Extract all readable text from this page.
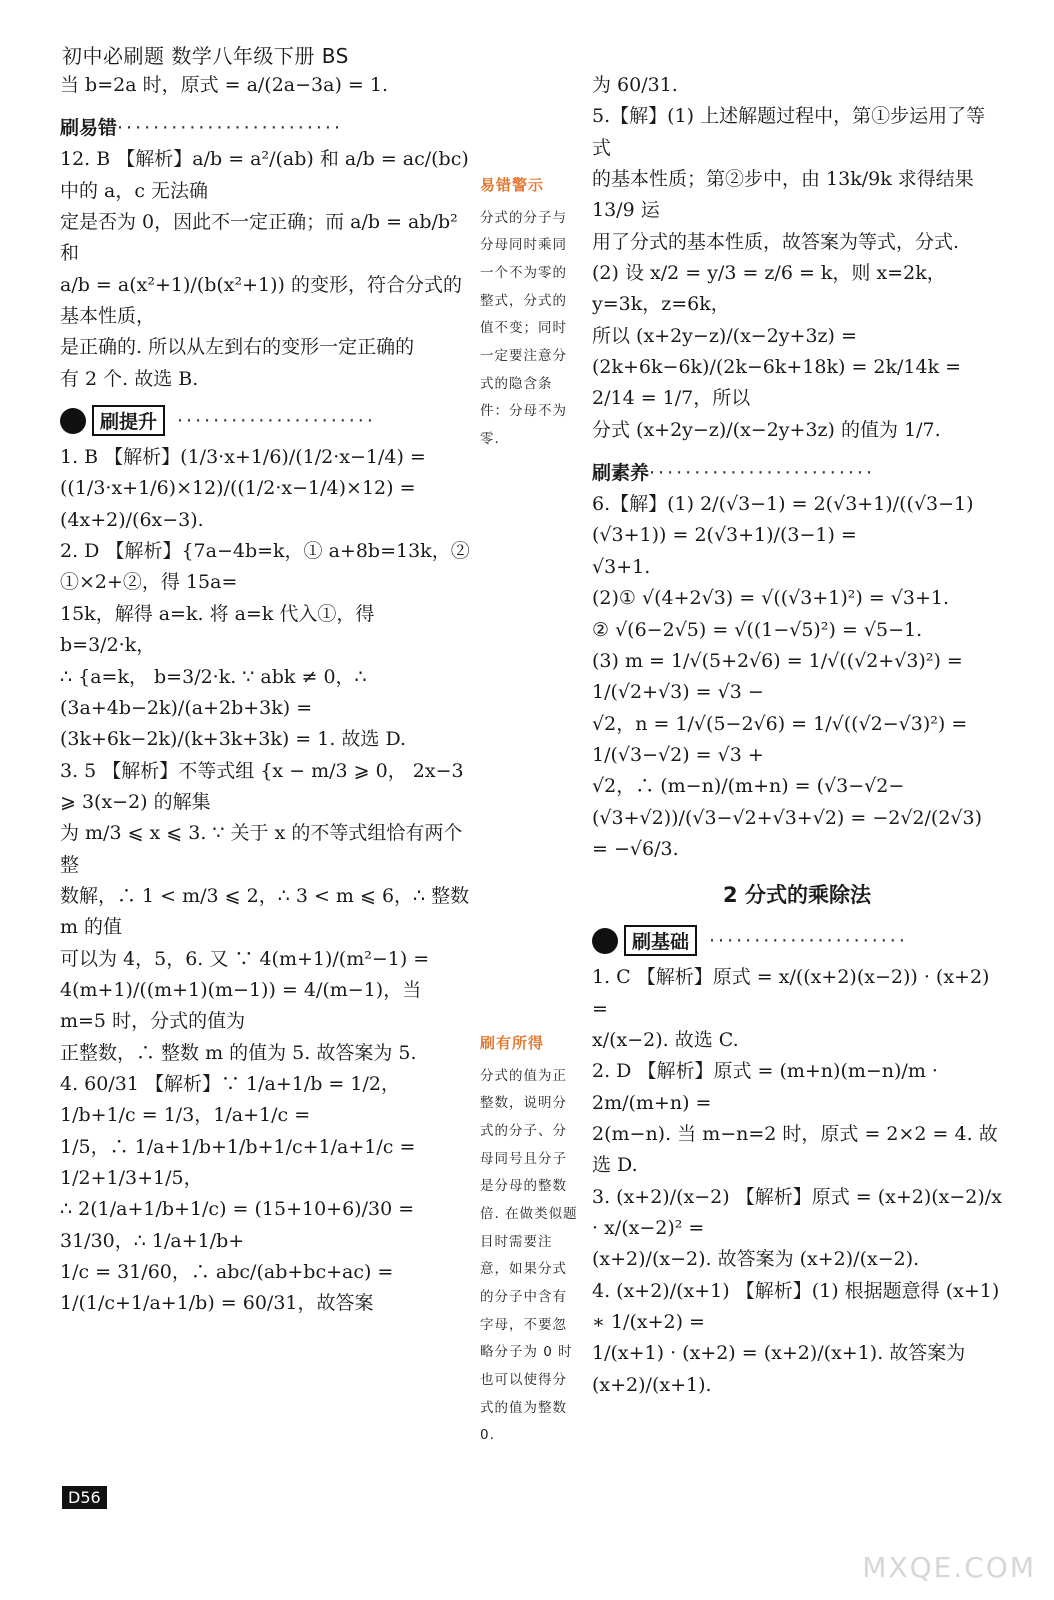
初中必刷题 数学八年级下册 BS

当 b=2a 时，原式 = a/(2a−3a) = 1.

刷易错·························

12. B 【解析】a/b = a²/(ab) 和 a/b = ac/(bc) 中的 a，c 无法确

定是否为 0，因此不一定正确；而 a/b = ab/b² 和

a/b = a(x²+1)/(b(x²+1)) 的变形，符合分式的基本性质，

是正确的. 所以从左到右的变形一定正确的

有 2 个. 故选 B.

刷提升	······················

1. B 【解析】(1/3·x+1/6)/(1/2·x−1/4) = ((1/3·x+1/6)×12)/((1/2·x−1/4)×12) = (4x+2)/(6x−3).

2. D 【解析】{7a−4b=k，① a+8b=13k，② ①×2+②，得 15a=

15k，解得 a=k. 将 a=k 代入①，得 b=3/2·k，

∴ {a=k， b=3/2·k. ∵ abk ≠ 0，∴ (3a+4b−2k)/(a+2b+3k) =

(3k+6k−2k)/(k+3k+3k) = 1. 故选 D.

3. 5 【解析】不等式组 {x − m/3 ⩾ 0， 2x−3 ⩾ 3(x−2) 的解集

为 m/3 ⩽ x ⩽ 3. ∵ 关于 x 的不等式组恰有两个整

数解，∴ 1 < m/3 ⩽ 2，∴ 3 < m ⩽ 6，∴ 整数 m 的值

可以为 4，5，6. 又 ∵ 4(m+1)/(m²−1) =

4(m+1)/((m+1)(m−1)) = 4/(m−1)，当 m=5 时，分式的值为

正整数，∴ 整数 m 的值为 5. 故答案为 5.

4. 60/31 【解析】∵ 1/a+1/b = 1/2，1/b+1/c = 1/3，1/a+1/c =

1/5，∴ 1/a+1/b+1/b+1/c+1/a+1/c = 1/2+1/3+1/5，

∴ 2(1/a+1/b+1/c) = (15+10+6)/30 = 31/30，∴ 1/a+1/b+

1/c = 31/60，∴ abc/(ab+bc+ac) = 1/(1/c+1/a+1/b) = 60/31，故答案

为 60/31.

5.【解】(1) 上述解题过程中，第①步运用了等式

的基本性质；第②步中，由 13k/9k 求得结果 13/9 运

用了分式的基本性质，故答案为等式，分式.

(2) 设 x/2 = y/3 = z/6 = k，则 x=2k，y=3k，z=6k，

所以 (x+2y−z)/(x−2y+3z) = (2k+6k−6k)/(2k−6k+18k) = 2k/14k = 2/14 = 1/7，所以

分式 (x+2y−z)/(x−2y+3z) 的值为 1/7.

刷素养·························

6.【解】(1) 2/(√3−1) = 2(√3+1)/((√3−1)(√3+1)) = 2(√3+1)/(3−1) =

√3+1.

(2)① √(4+2√3) = √((√3+1)²) = √3+1.

② √(6−2√5) = √((1−√5)²) = √5−1.

(3) m = 1/√(5+2√6) = 1/√((√2+√3)²) = 1/(√2+√3) = √3 −

√2，n = 1/√(5−2√6) = 1/√((√2−√3)²) = 1/(√3−√2) = √3 +

√2，∴ (m−n)/(m+n) = (√3−√2−(√3+√2))/(√3−√2+√3+√2) = −2√2/(2√3) = −√6/3.

2 分式的乘除法
刷基础	······················

1. C 【解析】原式 = x/((x+2)(x−2)) · (x+2) =

x/(x−2). 故选 C.

2. D 【解析】原式 = (m+n)(m−n)/m · 2m/(m+n) =

2(m−n). 当 m−n=2 时，原式 = 2×2 = 4. 故

选 D.

3. (x+2)/(x−2) 【解析】原式 = (x+2)(x−2)/x · x/(x−2)² =

(x+2)/(x−2). 故答案为 (x+2)/(x−2).

4. (x+2)/(x+1) 【解析】(1) 根据题意得 (x+1) ∗ 1/(x+2) =

1/(x+1) · (x+2) = (x+2)/(x+1). 故答案为 (x+2)/(x+1).

易错警示
分式的分子与分母同时乘同一个不为零的整式，分式的值不变；同时一定要注意分式的隐含条件：分母不为零.
刷有所得
分式的值为正整数，说明分式的分子、分母同号且分子是分母的整数倍. 在做类似题目时需要注意，如果分式的分子中含有字母，不要忽略分子为 0 时也可以使得分式的值为整数 0.
D56
MXQE.COM
